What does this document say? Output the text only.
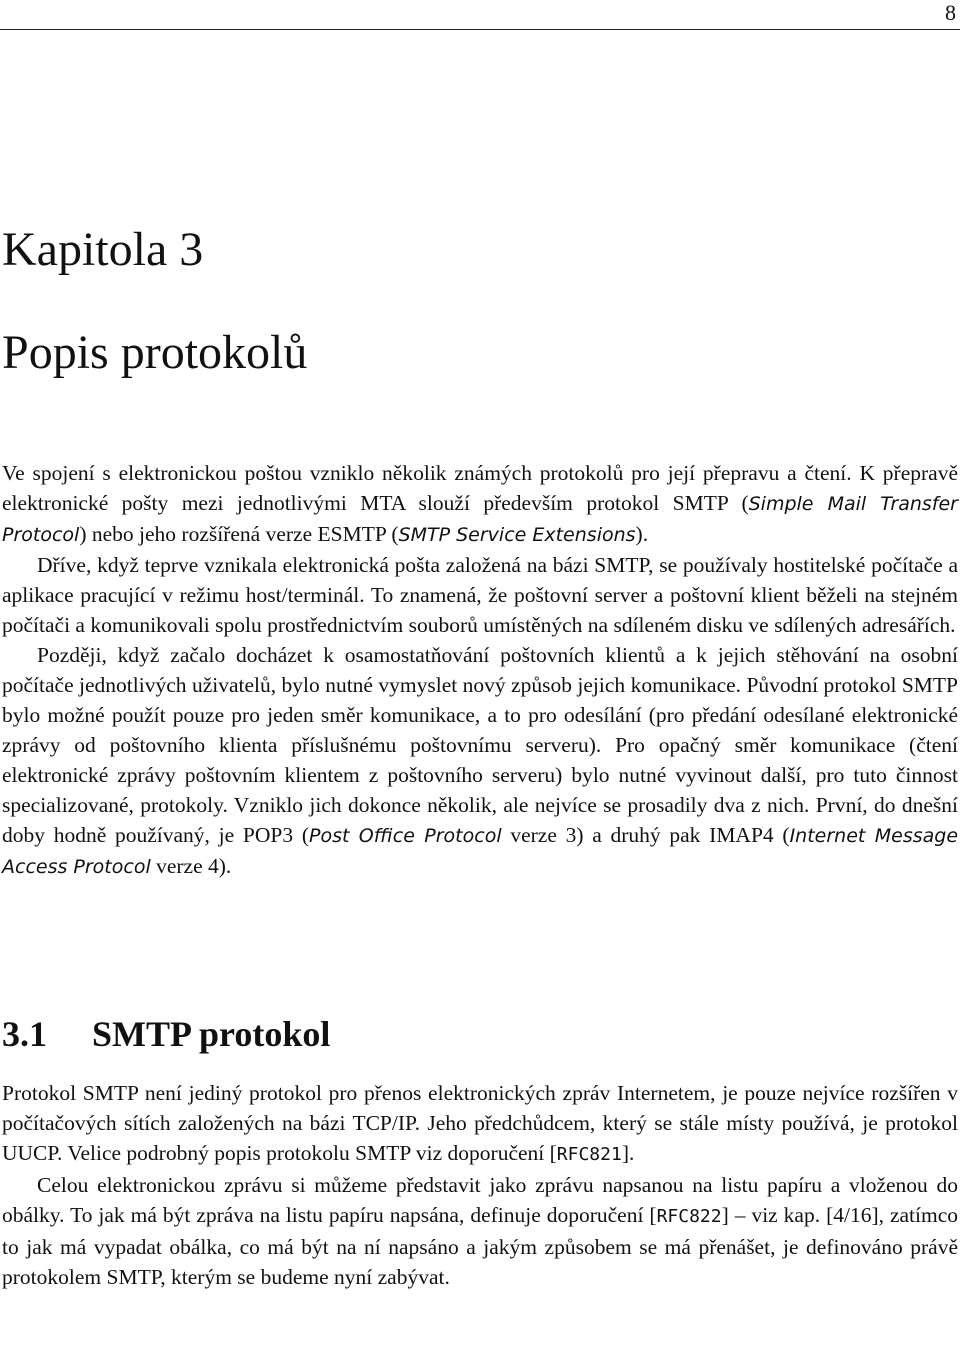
8
Kapitola 3
Popis protokolů

Ve spojení s elektronickou poštou vzniklo několik známých protokolů pro její přepravu a čtení. K přepravě elektronické pošty mezi jednotlivými MTA slouží především protokol SMTP (Simple Mail Transfer Protocol) nebo jeho rozšířená verze ESMTP (SMTP Service Extensions).

Dříve, když teprve vznikala elektronická pošta založená na bázi SMTP, se používaly hostitelské počítače a aplikace pracující v režimu host/terminál. To znamená, že poštovní server a poštovní klient běželi na stejném počítači a komunikovali spolu prostřednictvím souborů umístěných na sdíleném disku ve sdílených adresářích.

Později, když začalo docházet k osamostatňování poštovních klientů a k jejich stěhování na osobní počítače jednotlivých uživatelů, bylo nutné vymyslet nový způsob jejich komunikace. Původní protokol SMTP bylo možné použít pouze pro jeden směr komunikace, a to pro odesílání (pro předání odesílané elektronické zprávy od poštovního klienta příslušnému poštovnímu serveru). Pro opačný směr komunikace (čtení elektronické zprávy poštovním klientem z poštovního serveru) bylo nutné vyvinout další, pro tuto činnost specializované, protokoly. Vzniklo jich dokonce několik, ale nejvíce se prosadily dva z nich. První, do dnešní doby hodně používaný, je POP3 (Post Office Protocol verze 3) a druhý pak IMAP4 (Internet Message Access Protocol verze 4).

3.1 SMTP protokol

Protokol SMTP není jediný protokol pro přenos elektronických zpráv Internetem, je pouze nejvíce rozšířen v počítačových sítích založených na bázi TCP/IP. Jeho předchůdcem, který se stále místy používá, je protokol UUCP. Velice podrobný popis protokolu SMTP viz doporučení [RFC821].

Celou elektronickou zprávu si můžeme představit jako zprávu napsanou na listu papíru a vloženou do obálky. To jak má být zpráva na listu papíru napsána, definuje doporučení [RFC822] – viz kap. [4/16], zatímco to jak má vypadat obálka, co má být na ní napsáno a jakým způsobem se má přenášet, je definováno právě protokolem SMTP, kterým se budeme nyní zabývat.
